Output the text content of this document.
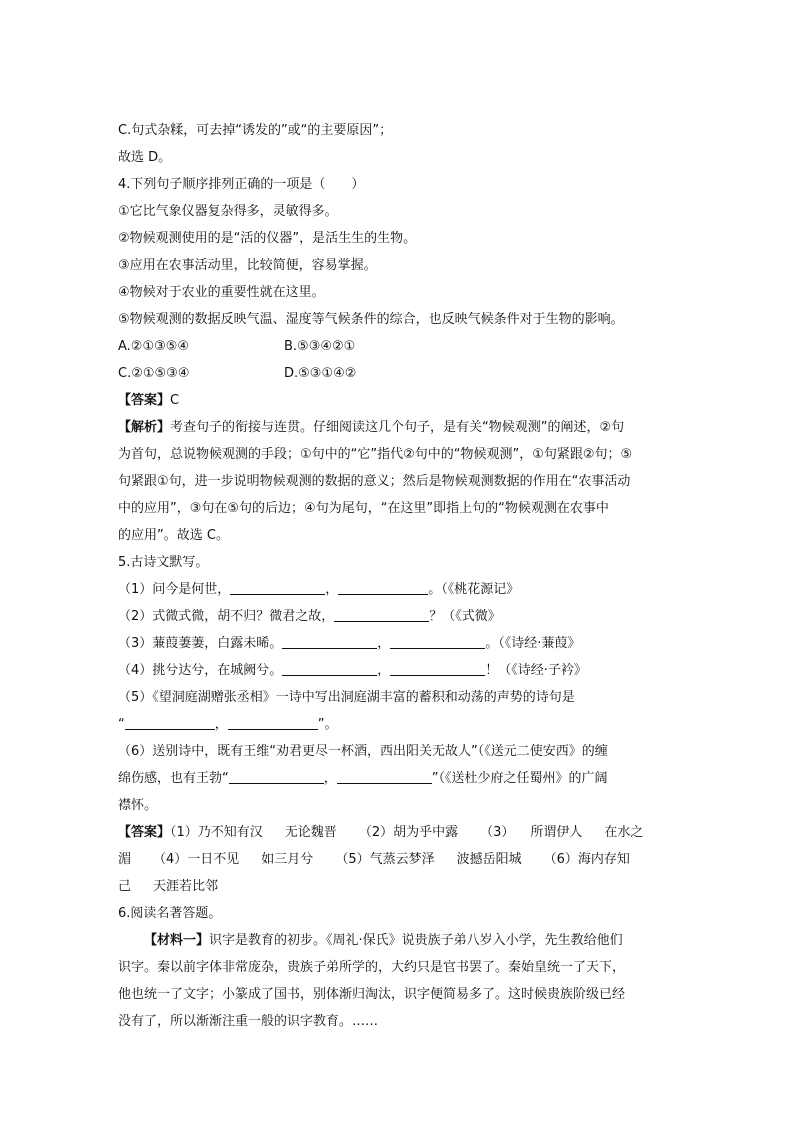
C.句式杂糅，可去掉“诱发的”或“的主要原因”；
故选 D。
4.下列句子顺序排列正确的一项是（　　）
①它比气象仪器复杂得多，灵敏得多。
②物候观测使用的是“活的仪器”，是活生生的生物。
③应用在农事活动里，比较简便，容易掌握。
④物候对于农业的重要性就在这里。
⑤物候观测的数据反映气温、湿度等气候条件的综合，也反映气候条件对于生物的影响。
A.②①③⑤④	B.⑤③④②①
C.②①⑤③④	D.⑤③①④②
【答案】C
【解析】考查句子的衔接与连贯。仔细阅读这几个句子，是有关“物候观测”的阐述，②句
为首句，总说物候观测的手段；①句中的“它”指代②句中的“物候观测”，①句紧跟②句；⑤
句紧跟①句，进一步说明物候观测的数据的意义；然后是物候观测数据的作用在“农事活动
中的应用”，③句在⑤句的后边；④句为尾句，“在这里”即指上句的“物候观测在农事中
的应用”。故选 C。
5.古诗文默写。
（1）问今是何世，	，	。（《桃花源记》
（2）式微式微，胡不归？微君之故，	？（《式微》
（3）蒹葭萋萋，白露未晞。	，	。（《诗经·蒹葭》
（4）挑兮达兮，在城阙兮。	，	！（《诗经·子衿》
（5）《望洞庭湖赠张丞相》一诗中写出洞庭湖丰富的蓄积和动荡的声势的诗句是
“	，	”。
（6）送别诗中，既有王维“劝君更尽一杯酒，西出阳关无故人”（《送元二使安西》的缠
绵伤感，也有王勃“	，	”（《送杜少府之任蜀州》的广阔
襟怀。
【答案】（1）乃不知有汉 无论魏晋 （2）胡为乎中露 （3） 所谓伊人 在水之
湄 （4）一日不见 如三月兮 （5）气蒸云梦泽 波撼岳阳城 （6）海内存知
己 天涯若比邻
6.阅读名著答题。
【材料一】识字是教育的初步。《周礼·保氏》说贵族子弟八岁入小学，先生教给他们
识字。秦以前字体非常庞杂，贵族子弟所学的，大约只是官书罢了。秦始皇统一了天下，
他也统一了文字；小篆成了国书，别体渐归淘汰，识字便简易多了。这时候贵族阶级已经
没有了，所以渐渐注重一般的识字教育。……
